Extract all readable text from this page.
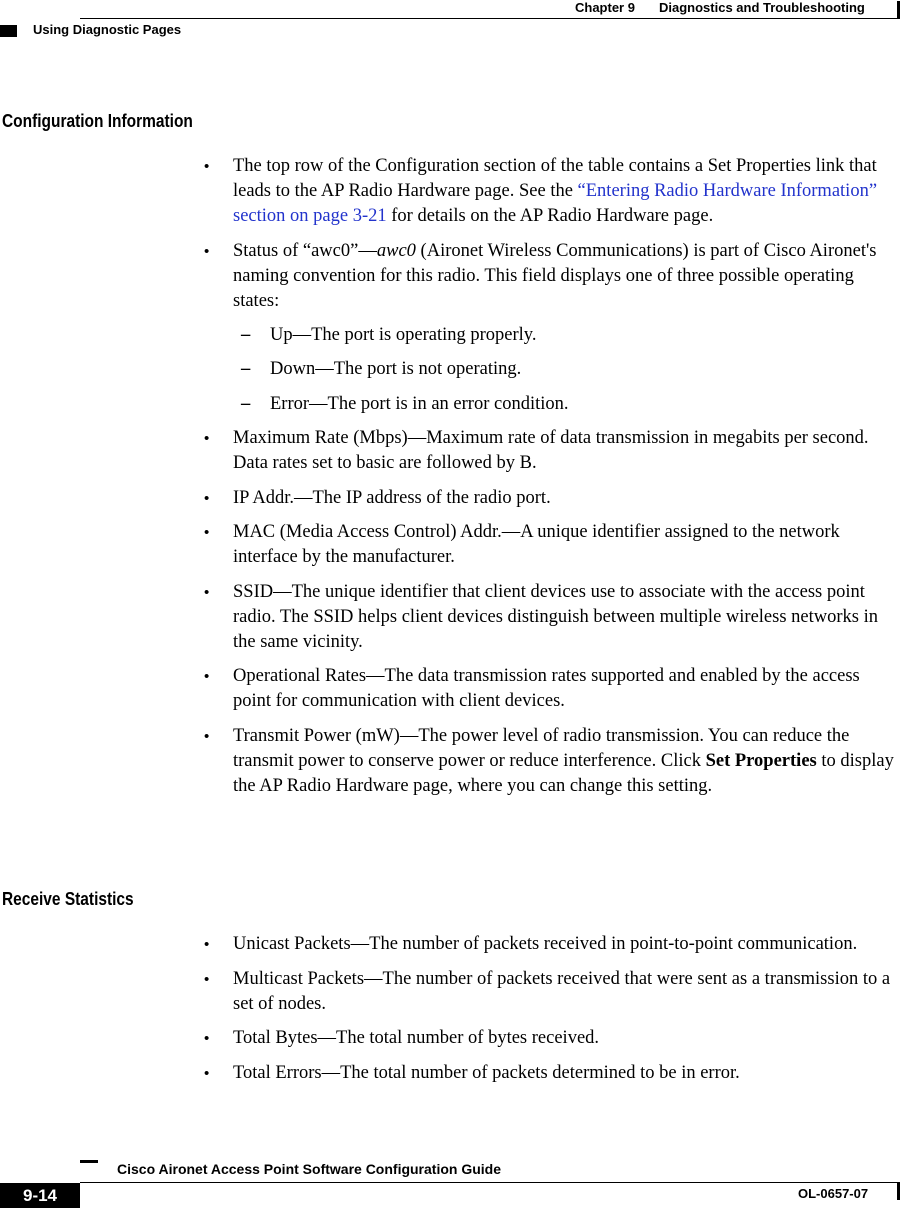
Chapter 9 Diagnostics and Troubleshooting
Using Diagnostic Pages
Configuration Information
• The top row of the Configuration section of the table contains a Set Properties link that leads to the AP Radio Hardware page. See the “Entering Radio Hardware Information” section on page 3-21 for details on the AP Radio Hardware page.
• Status of “awc0”—awc0 (Aironet Wireless Communications) is part of Cisco Aironet's naming convention for this radio. This field displays one of three possible operating states:
– Up—The port is operating properly.
– Down—The port is not operating.
– Error—The port is in an error condition.
• Maximum Rate (Mbps)—Maximum rate of data transmission in megabits per second. Data rates set to basic are followed by B.
• IP Addr.—The IP address of the radio port.
• MAC (Media Access Control) Addr.—A unique identifier assigned to the network interface by the manufacturer.
• SSID—The unique identifier that client devices use to associate with the access point radio. The SSID helps client devices distinguish between multiple wireless networks in the same vicinity.
• Operational Rates—The data transmission rates supported and enabled by the access point for communication with client devices.
• Transmit Power (mW)—The power level of radio transmission. You can reduce the transmit power to conserve power or reduce interference. Click Set Properties to display the AP Radio Hardware page, where you can change this setting.
Receive Statistics
• Unicast Packets—The number of packets received in point-to-point communication.
• Multicast Packets—The number of packets received that were sent as a transmission to a set of nodes.
• Total Bytes—The total number of bytes received.
• Total Errors—The total number of packets determined to be in error.
Cisco Aironet Access Point Software Configuration Guide
9-14	OL-0657-07
